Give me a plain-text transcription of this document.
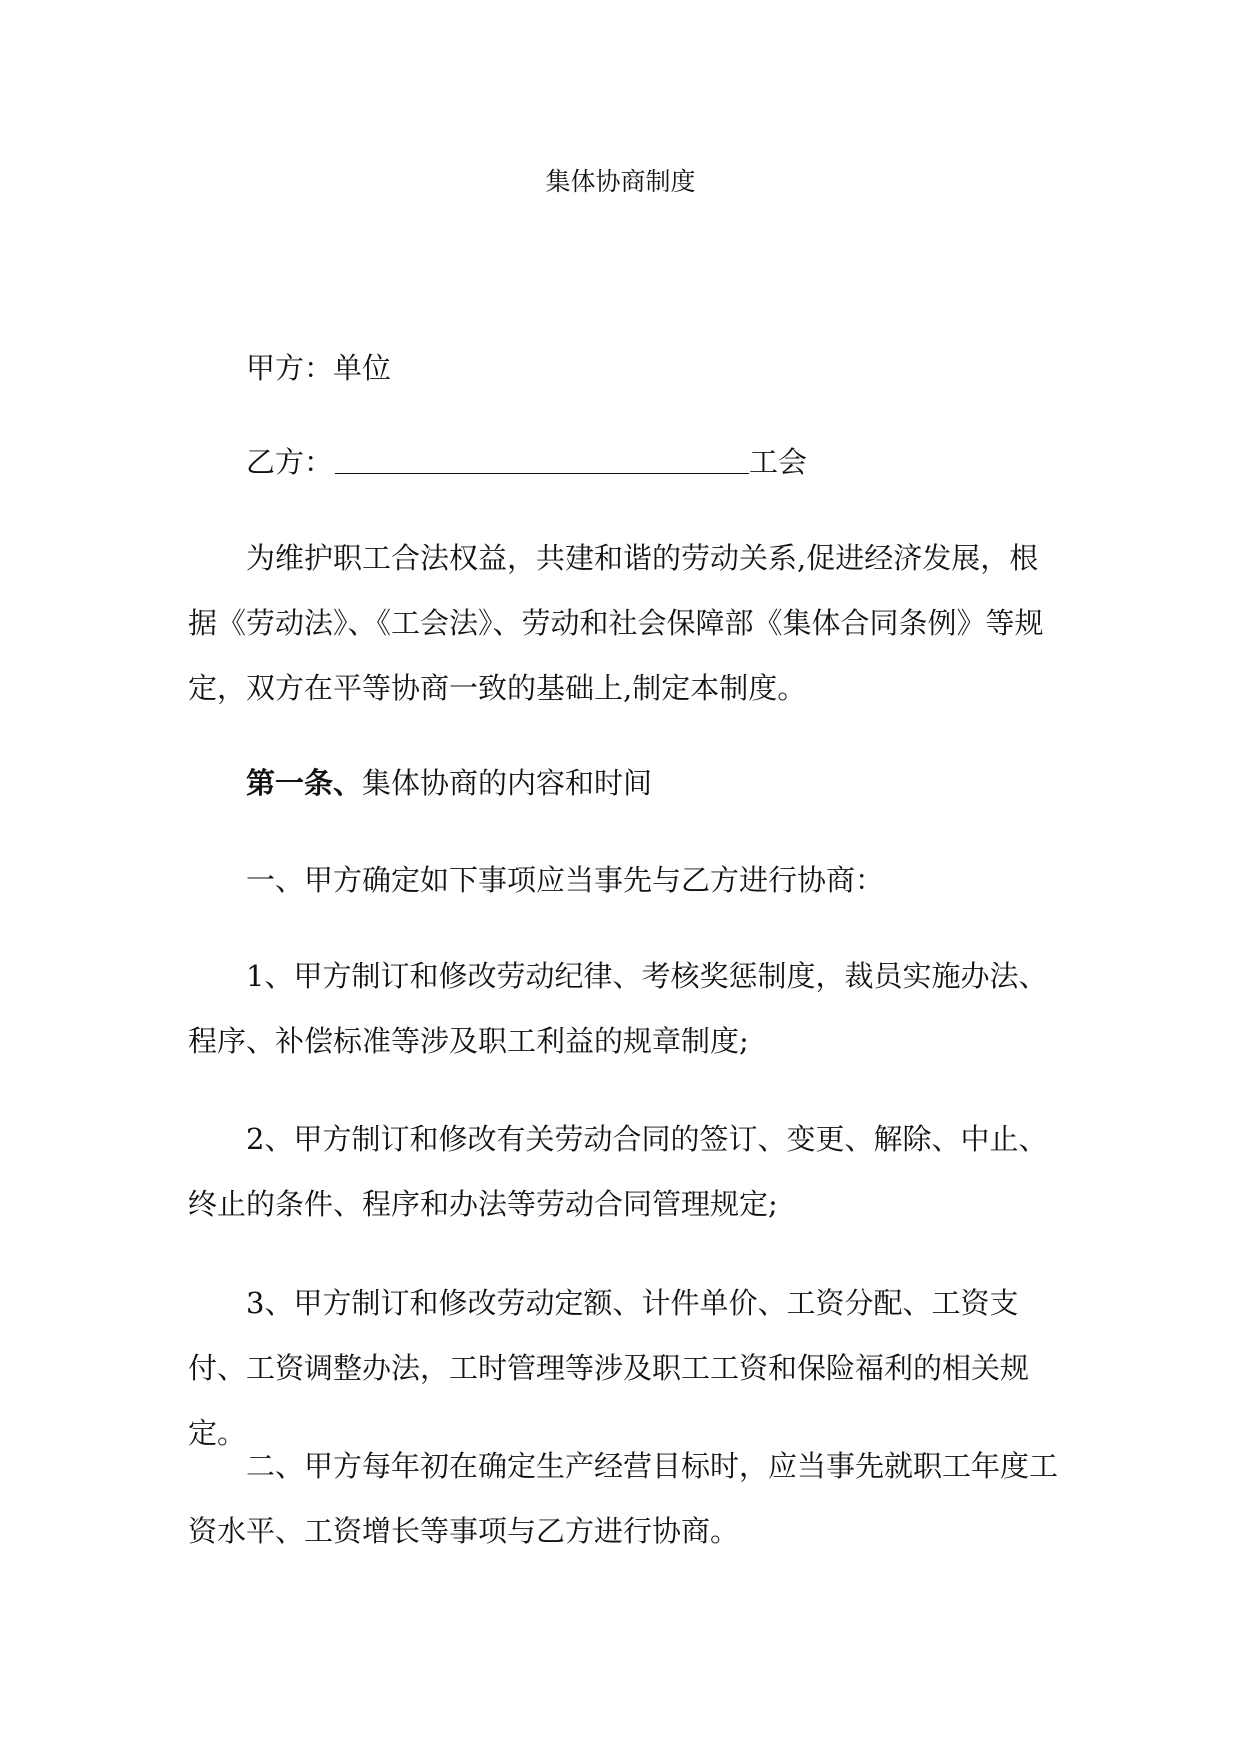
集体协商制度
甲方：单位
乙方：	工会
为维护职工合法权益，共建和谐的劳动关系,促进经济发展，根据《劳动法》、《工会法》、劳动和社会保障部《集体合同条例》等规定，双方在平等协商一致的基础上,制定本制度。
第一条、集体协商的内容和时间
一、甲方确定如下事项应当事先与乙方进行协商：
1、甲方制订和修改劳动纪律、考核奖惩制度，裁员实施办法、程序、补偿标准等涉及职工利益的规章制度;
2、甲方制订和修改有关劳动合同的签订、变更、解除、中止、终止的条件、程序和办法等劳动合同管理规定;
3、甲方制订和修改劳动定额、计件单价、工资分配、工资支付、工资调整办法，工时管理等涉及职工工资和保险福利的相关规定。
二、甲方每年初在确定生产经营目标时，应当事先就职工年度工资水平、工资增长等事项与乙方进行协商。
